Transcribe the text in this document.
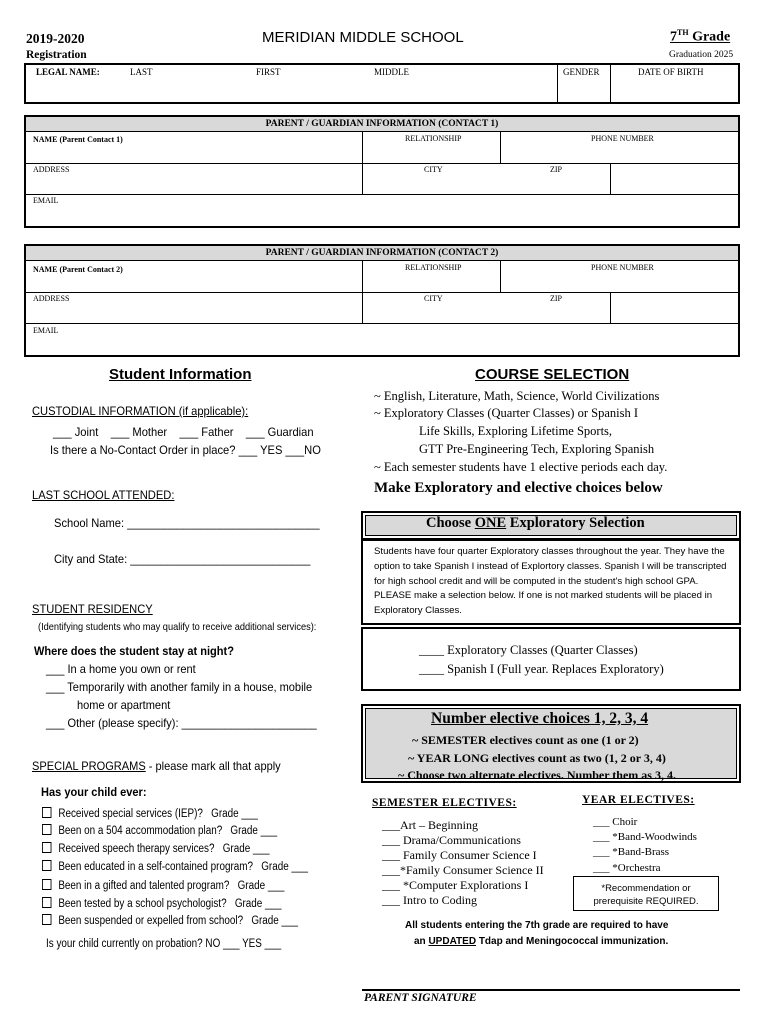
2019-2020
Registration
MERIDIAN MIDDLE SCHOOL	7TH Grade
Graduation 2025
LEGAL NAME:	LAST	FIRST	MIDDLE	GENDER	DATE OF BIRTH
PARENT / GUARDIAN INFORMATION (CONTACT 1)
NAME (Parent Contact 1)	RELATIONSHIP	PHONE NUMBER
ADDRESS	CITY	ZIP
EMAIL
PARENT / GUARDIAN INFORMATION (CONTACT 2)
NAME (Parent Contact 2)	RELATIONSHIP	PHONE NUMBER
ADDRESS	CITY	ZIP
EMAIL
Student Information
CUSTODIAL INFORMATION (if applicable):
___ Joint    ___ Mother    ___ Father    ___ Guardian
Is there a No-Contact Order in place? ___ YES ___NO
LAST SCHOOL ATTENDED:
School Name: _______________________________
City and State: _____________________________
STUDENT RESIDENCY
(Identifying students who may qualify to receive additional services):
Where does the student stay at night?
___ In a home you own or rent
___ Temporarily with another family in a house, mobile
home or apartment
___ Other (please specify): ______________________
SPECIAL PROGRAMS - please mark all that apply
Has your child ever:
Received special services (IEP)?   Grade ___
Been on a 504 accommodation plan?   Grade ___
Received speech therapy services?   Grade ___
Been educated in a self-contained program?   Grade ___
Been in a gifted and talented program?   Grade ___
Been tested by a school psychologist?   Grade ___
Been suspended or expelled from school?   Grade ___
Is your child currently on probation? NO ___ YES ___
COURSE SELECTION
~ English, Literature, Math, Science, World Civilizations
~ Exploratory Classes (Quarter Classes) or Spanish I
Life Skills, Exploring Lifetime Sports,
GTT Pre-Engineering Tech, Exploring Spanish
~ Each semester students have 1 elective periods each day.
Make Exploratory and elective choices below
Choose ONE Exploratory Selection
Students have four quarter Exploratory classes throughout the year. They have the option to take Spanish I instead of Explortory classes. Spanish I will be transcripted for high school credit and will be computed in the student's high school GPA. PLEASE make a selection below. If one is not marked students will be placed in Exploratory Classes.
____ Exploratory Classes (Quarter Classes)
____ Spanish I (Full year. Replaces Exploratory)
Number elective choices 1, 2, 3, 4
~ SEMESTER electives count as one (1 or 2)
~ YEAR LONG electives count as two (1, 2 or 3, 4)
~ Choose two alternate electives. Number them as 3, 4.
SEMESTER ELECTIVES:	YEAR ELECTIVES:
___Art – Beginning
___ Drama/Communications
___ Family Consumer Science I
___*Family Consumer Science II
___ *Computer Explorations I
___ Intro to Coding
___ Choir
___ *Band-Woodwinds
___ *Band-Brass
___ *Orchestra
*Recommendation or prerequisite REQUIRED.
All students entering the 7th grade are required to have
an UPDATED Tdap and Meningococcal immunization.
PARENT SIGNATURE
